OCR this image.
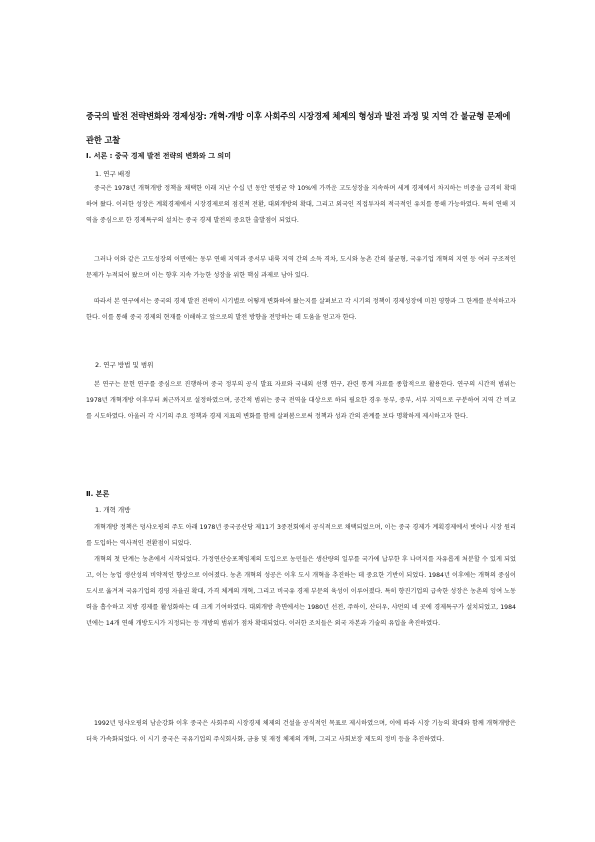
중국의 발전 전략변화와 경제성장: 개혁·개방 이후 사회주의 시장경제 체제의 형성과 발전 과정 및 지역 간 불균형 문제에 관한 고찰
Ⅰ. 서론 : 중국 경제 발전 전략의 변화와 그 의미
1. 연구 배경
중국은 1978년 개혁개방 정책을 채택한 이래 지난 수십 년 동안 연평균 약 10%에 가까운 고도성장을 지속하며 세계 경제에서 차지하는 비중을 급격히 확대하여 왔다. 이러한 성장은 계획경제에서 시장경제로의 점진적 전환, 대외개방의 확대, 그리고 외국인 직접투자의 적극적인 유치를 통해 가능하였다. 특히 연해 지역을 중심으로 한 경제특구의 설치는 중국 경제 발전의 중요한 출발점이 되었다.
그러나 이와 같은 고도성장의 이면에는 동부 연해 지역과 중서부 내륙 지역 간의 소득 격차, 도시와 농촌 간의 불균형, 국유기업 개혁의 지연 등 여러 구조적인 문제가 누적되어 왔으며 이는 향후 지속 가능한 성장을 위한 핵심 과제로 남아 있다.
따라서 본 연구에서는 중국의 경제 발전 전략이 시기별로 어떻게 변화하여 왔는지를 살펴보고 각 시기의 정책이 경제성장에 미친 영향과 그 한계를 분석하고자 한다. 이를 통해 중국 경제의 현재를 이해하고 앞으로의 발전 방향을 전망하는 데 도움을 얻고자 한다.
2. 연구 방법 및 범위
본 연구는 문헌 연구를 중심으로 진행하며 중국 정부의 공식 발표 자료와 국내외 선행 연구, 관련 통계 자료를 종합적으로 활용한다. 연구의 시간적 범위는 1978년 개혁개방 이후부터 최근까지로 설정하였으며, 공간적 범위는 중국 전역을 대상으로 하되 필요한 경우 동부, 중부, 서부 지역으로 구분하여 지역 간 비교를 시도하였다. 아울러 각 시기의 주요 정책과 경제 지표의 변화를 함께 살펴봄으로써 정책과 성과 간의 관계를 보다 명확하게 제시하고자 한다.
Ⅱ. 본론
1. 개혁 개방
개혁개방 정책은 덩샤오핑의 주도 아래 1978년 중국공산당 제11기 3중전회에서 공식적으로 채택되었으며, 이는 중국 경제가 계획경제에서 벗어나 시장 원리를 도입하는 역사적인 전환점이 되었다.
개혁의 첫 단계는 농촌에서 시작되었다. 가정연산승포책임제의 도입으로 농민들은 생산량의 일부를 국가에 납부한 후 나머지를 자유롭게 처분할 수 있게 되었고, 이는 농업 생산성의 비약적인 향상으로 이어졌다. 농촌 개혁의 성공은 이후 도시 개혁을 추진하는 데 중요한 기반이 되었다. 1984년 이후에는 개혁의 중심이 도시로 옮겨져 국유기업의 경영 자율권 확대, 가격 체계의 개혁, 그리고 비국유 경제 부문의 육성이 이루어졌다. 특히 향진기업의 급속한 성장은 농촌의 잉여 노동력을 흡수하고 지방 경제를 활성화하는 데 크게 기여하였다. 대외개방 측면에서는 1980년 선전, 주하이, 산터우, 샤먼의 네 곳에 경제특구가 설치되었고, 1984년에는 14개 연해 개방도시가 지정되는 등 개방의 범위가 점차 확대되었다. 이러한 조치들은 외국 자본과 기술의 유입을 촉진하였다.
1992년 덩샤오핑의 남순강화 이후 중국은 사회주의 시장경제 체제의 건설을 공식적인 목표로 제시하였으며, 이에 따라 시장 기능의 확대와 함께 개혁개방은 더욱 가속화되었다. 이 시기 중국은 국유기업의 주식회사화, 금융 및 재정 체제의 개혁, 그리고 사회보장 제도의 정비 등을 추진하였다.
